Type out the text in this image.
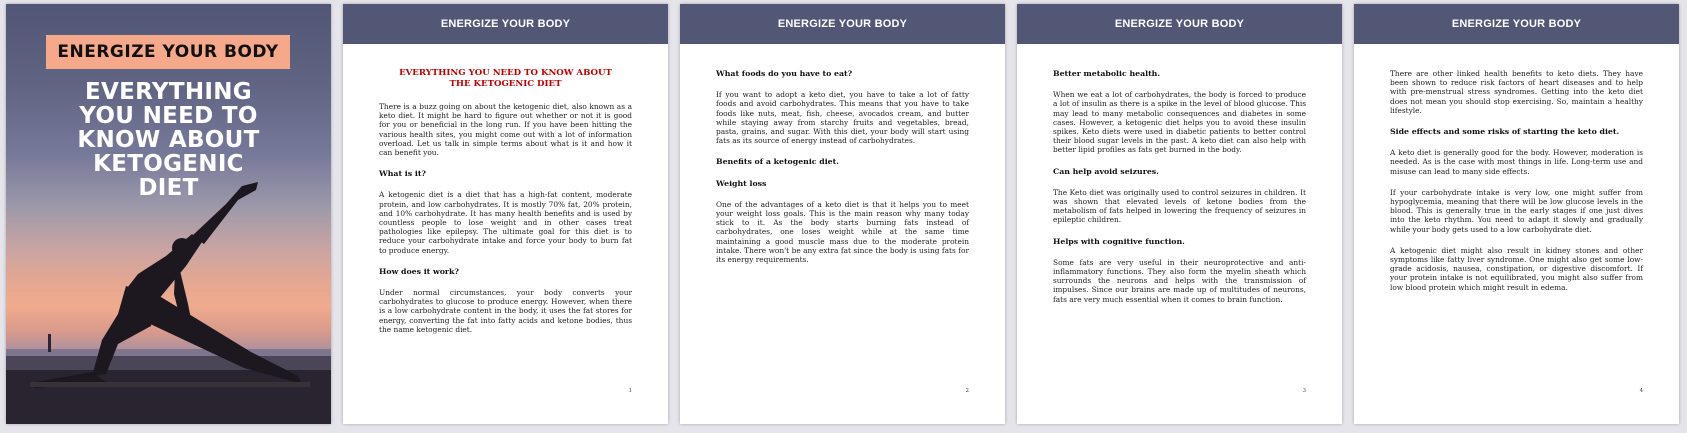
ENERGIZE YOUR BODY
EVERYTHING
YOU NEED TO
KNOW ABOUT
KETOGENIC
DIET
ENERGIZE YOUR BODY
EVERYTHING YOU NEED TO KNOW ABOUT THE KETOGENIC DIET

There is a buzz going on about the ketogenic diet, also known as a keto diet. It might be hard to figure out whether or not it is good for you or beneficial in the long run. If you have been hitting the various health sites, you might come out with a lot of information overload. Let us talk in simple terms about what is it and how it can benefit you.

What is it?

A ketogenic diet is a diet that has a high-fat content, moderate protein, and low carbohydrates. It is mostly 70% fat, 20% protein, and 10% carbohydrate. It has many health benefits and is used by countless people to lose weight and in other cases treat pathologies like epilepsy. The ultimate goal for this diet is to reduce your carbohydrate intake and force your body to burn fat to produce energy.

How does it work?

Under normal circumstances, your body converts your carbohydrates to glucose to produce energy. However, when there is a low carbohydrate content in the body, it uses the fat stores for energy, converting the fat into fatty acids and ketone bodies, thus the name ketogenic diet.

1
ENERGIZE YOUR BODY
What foods do you have to eat?

If you want to adopt a keto diet, you have to take a lot of fatty foods and avoid carbohydrates. This means that you have to take foods like nuts, meat, fish, cheese, avocados cream, and butter while staying away from starchy fruits and vegetables, bread, pasta, grains, and sugar. With this diet, your body will start using fats as its source of energy instead of carbohydrates.

Benefits of a ketogenic diet.
Weight loss

One of the advantages of a keto diet is that it helps you to meet your weight loss goals. This is the main reason why many today stick to it. As the body starts burning fats instead of carbohydrates, one loses weight while at the same time maintaining a good muscle mass due to the moderate protein intake. There won't be any extra fat since the body is using fats for its energy requirements.

2
ENERGIZE YOUR BODY
Better metabolic health.

When we eat a lot of carbohydrates, the body is forced to produce a lot of insulin as there is a spike in the level of blood glucose. This may lead to many metabolic consequences and diabetes in some cases. However, a ketogenic diet helps you to avoid these insulin spikes. Keto diets were used in diabetic patients to better control their blood sugar levels in the past. A keto diet can also help with better lipid profiles as fats get burned in the body.

Can help avoid seizures.

The Keto diet was originally used to control seizures in children. It was shown that elevated levels of ketone bodies from the metabolism of fats helped in lowering the frequency of seizures in epileptic children.

Helps with cognitive function.

Some fats are very useful in their neuroprotective and anti-inflammatory functions. They also form the myelin sheath which surrounds the neurons and helps with the transmission of impulses. Since our brains are made up of multitudes of neurons, fats are very much essential when it comes to brain function.

3
ENERGIZE YOUR BODY

There are other linked health benefits to keto diets. They have been shown to reduce risk factors of heart diseases and to help with pre-menstrual stress syndromes. Getting into the keto diet does not mean you should stop exercising. So, maintain a healthy lifestyle.

Side effects and some risks of starting the keto diet.

A keto diet is generally good for the body. However, moderation is needed. As is the case with most things in life. Long-term use and misuse can lead to many side effects.

If your carbohydrate intake is very low, one might suffer from hypoglycemia, meaning that there will be low glucose levels in the blood. This is generally true in the early stages if one just dives into the keto rhythm. You need to adapt it slowly and gradually while your body gets used to a low carbohydrate diet.

A ketogenic diet might also result in kidney stones and other symptoms like fatty liver syndrome. One might also get some low-grade acidosis, nausea, constipation, or digestive discomfort. If your protein intake is not equilibrated, you might also suffer from low blood protein which might result in edema.

4
